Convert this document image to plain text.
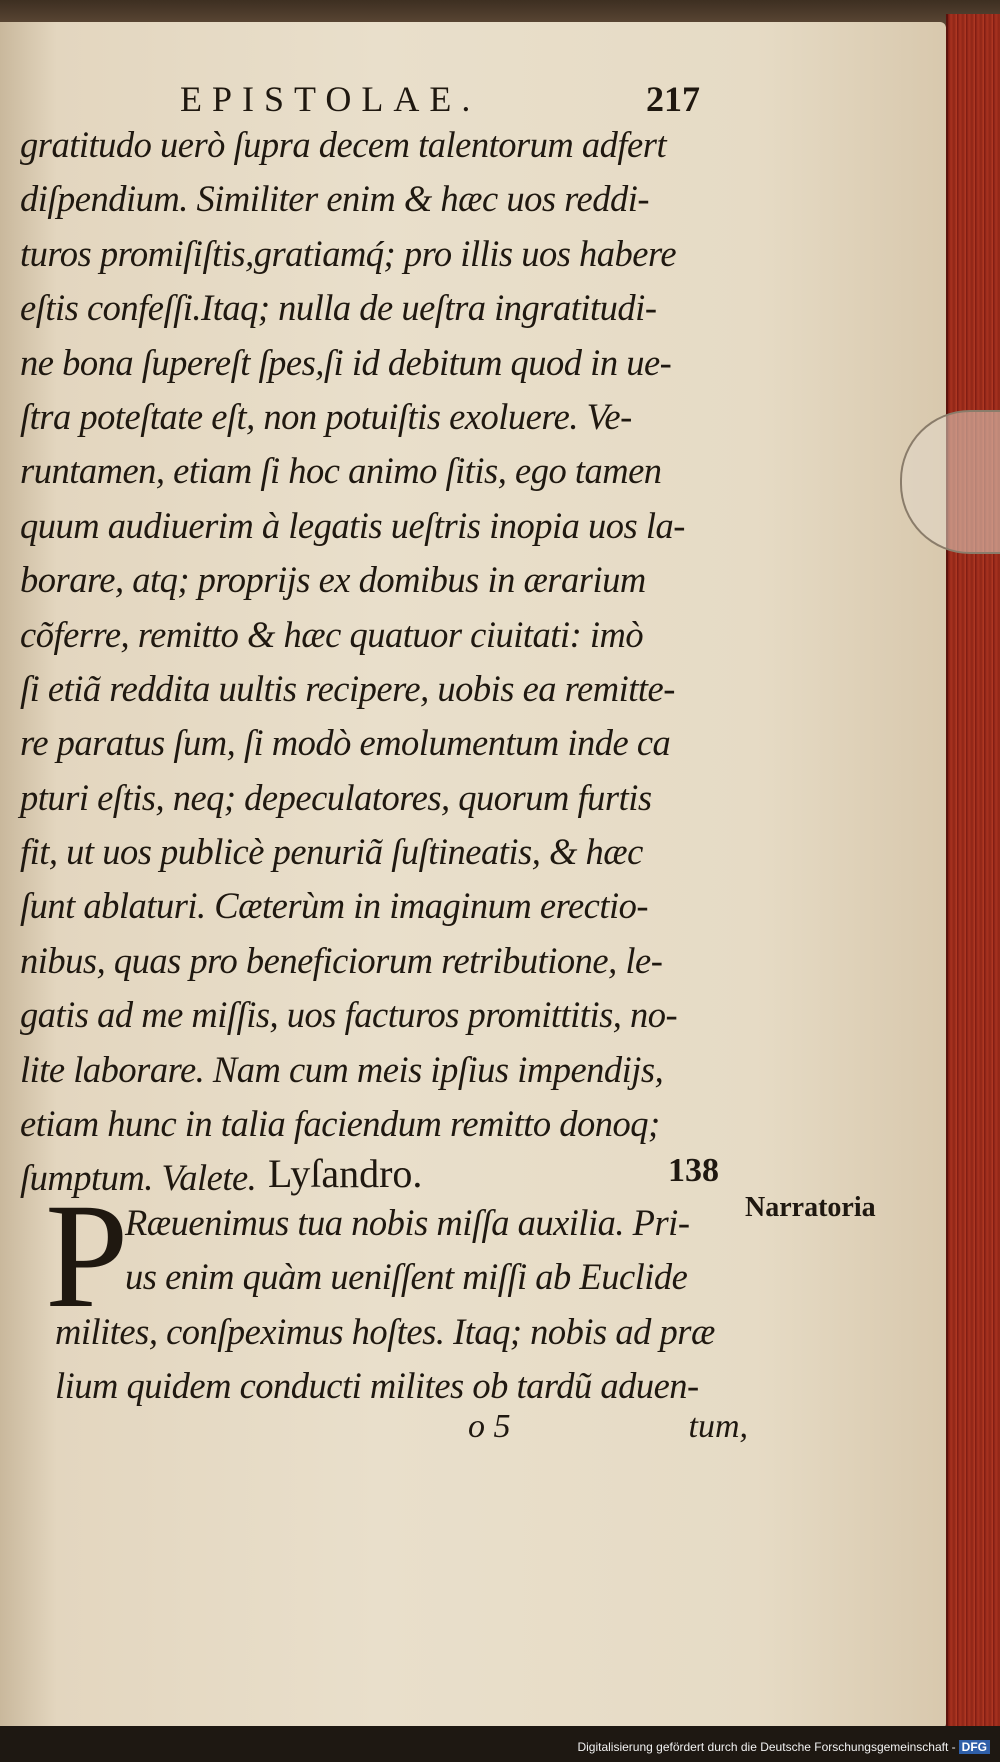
EPISTOLAE.	217
gratitudo uerò ſupra decem talentorum adfert
diſpendium. Similiter enim & hæc uos reddi-
turos promiſiſtis,gratiamq́; pro illis uos habere
eſtis confeſſi.Itaq; nulla de ueſtra ingratitudi-
ne bona ſupereſt ſpes,ſi id debitum quod in ue-
ſtra poteſtate eſt, non potuiſtis exoluere. Ve-
runtamen, etiam ſi hoc animo ſitis, ego tamen
quum audiuerim à legatis ueſtris inopia uos la-
borare, atq; proprijs ex domibus in ærarium
cõferre, remitto & hæc quatuor ciuitati: imò
ſi etiã reddita uultis recipere, uobis ea remitte-
re paratus ſum, ſi modò emolumentum inde ca
pturi eſtis, neq; depeculatores, quorum furtis
fit, ut uos publicè penuriã ſuſtineatis, & hæc
ſunt ablaturi. Cæterùm in imaginum erectio-
nibus, quas pro beneficiorum retributione, le-
gatis ad me miſſis, uos facturos promittitis, no-
lite laborare. Nam cum meis ipſius impendijs,
etiam hunc in talia faciendum remitto donoq;
ſumptum. Valete. Lyſandro.	138
Narratoria
P
Ræuenimus tua nobis miſſa auxilia. Pri-
us enim quàm ueniſſent miſſi ab Euclide
milites, conſpeximus hoſtes. Itaq; nobis ad præ
lium quidem conducti milites ob tardũ aduen-
o 5	tum,
Digitalisierung gefördert durch die Deutsche Forschungsgemeinschaft - DFG
